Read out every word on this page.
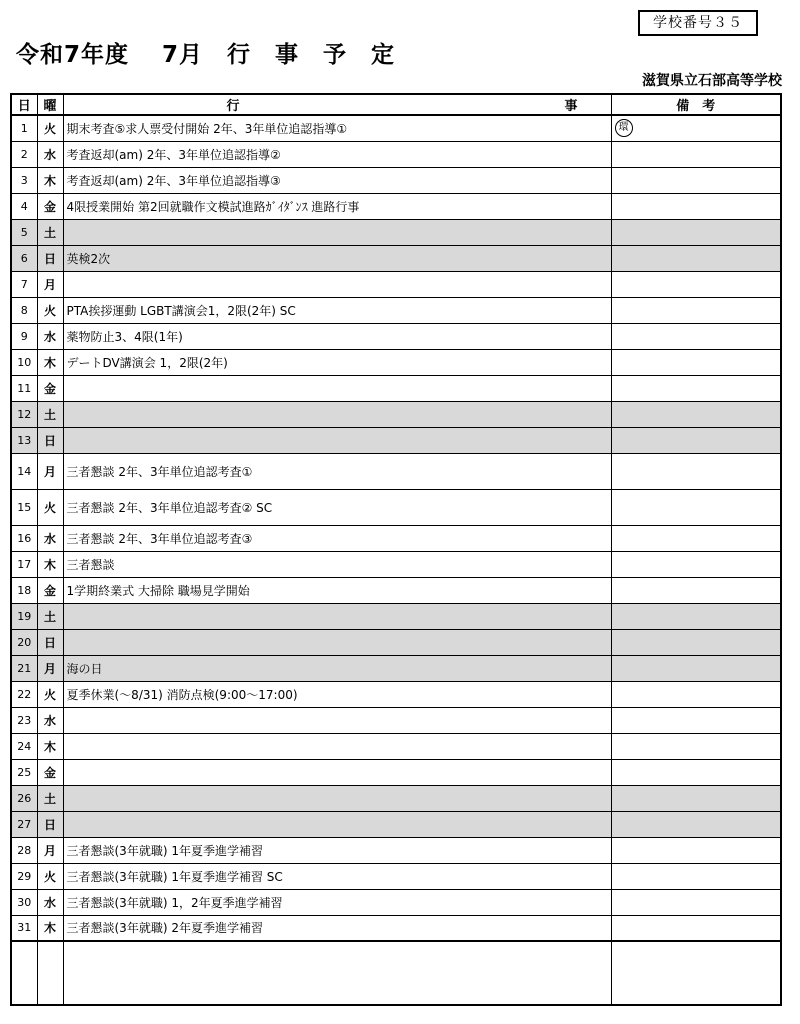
学校番号３５
令和7年度　 7月　行　事　予　定
滋賀県立石部高等学校
日	曜	行 事	備　考
1	火	期末考査⑤求人票受付開始 2年、3年単位追認指導①	環
2	水	考査返却(am) 2年、3年単位追認指導②	
3	木	考査返却(am) 2年、3年単位追認指導③	
4	金	4限授業開始 第2回就職作文模試進路ｶﾞｲﾀﾞﾝｽ 進路行事	
5	土		
6	日	英検2次	
7	月		
8	火	PTA挨拶運動 LGBT講演会1，2限(2年) SC	
9	水	薬物防止3、4限(1年)	
10	木	デートDV講演会 1，2限(2年)	
11	金		
12	土		
13	日		
14	月	三者懇談 2年、3年単位追認考査①	
15	火	三者懇談 2年、3年単位追認考査② SC	
16	水	三者懇談 2年、3年単位追認考査③	
17	木	三者懇談	
18	金	1学期終業式 大掃除 職場見学開始	
19	土		
20	日		
21	月	海の日	
22	火	夏季休業(～8/31) 消防点検(9:00～17:00)	
23	水		
24	木		
25	金		
26	土		
27	日		
28	月	三者懇談(3年就職) 1年夏季進学補習	
29	火	三者懇談(3年就職) 1年夏季進学補習 SC	
30	水	三者懇談(3年就職) 1，2年夏季進学補習	
31	木	三者懇談(3年就職) 2年夏季進学補習	
